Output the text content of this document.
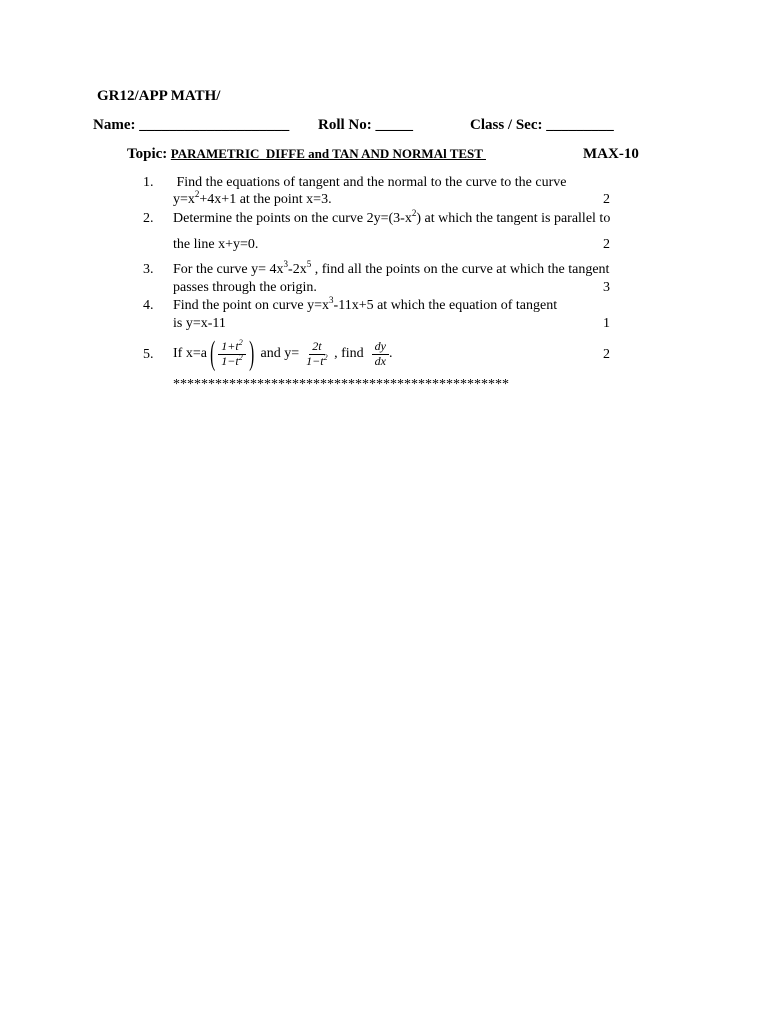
GR12/APP MATH/
Name: ____________________ Roll No: _____	Class / Sec: _________
Topic: PARAMETRIC  DIFFE and TAN AND NORMAl TEST	MAX-10
1. Find the equations of tangent and the normal to the curve to the curve
$y=x^2+4x+1$ at the point x=3.	2
2. Determine the points on the curve $2y=(3-x^2)$ at which the tangent is parallel to
the line x+y=0.	2
3. For the curve $y= 4x^3-2x^5$ , find all the points on the curve at which the tangent
passes through the origin.	3
4. Find the point on curve $y=x^3-11x+5$ at which the equation of tangent
is y=x-11	1
5. If x=a ( $\frac{1+t^2}{1-t^2}$ ) and $y= \frac{2t}{1-t^2}$ , find $\frac{dy}{dx}$ .	2
************************************************
